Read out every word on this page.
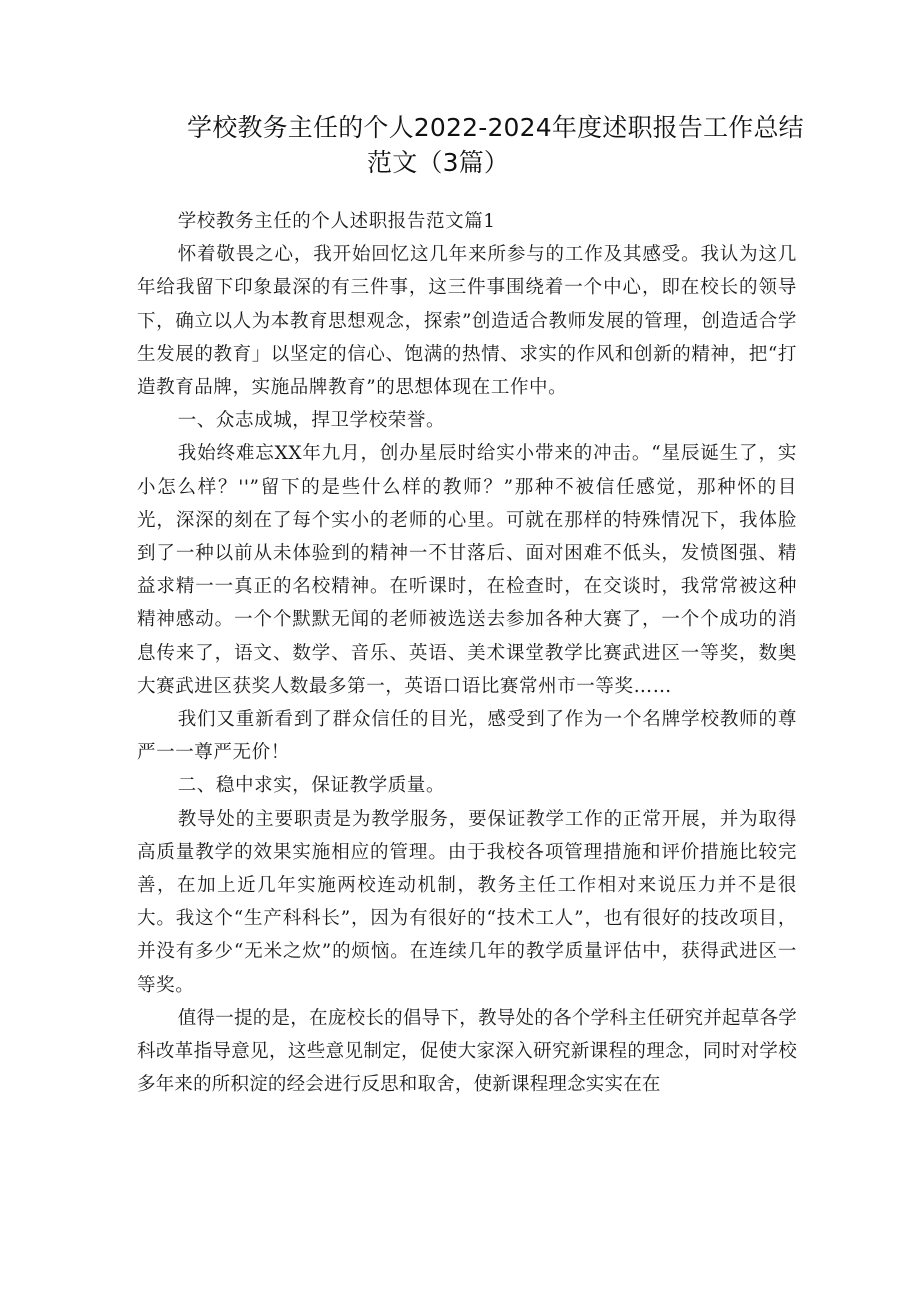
学校教务主任的个人2022-2024年度述职报告工作总结
范文（3篇）

学校教务主任的个人述职报告范文篇1

怀着敬畏之心，我开始回忆这几年来所参与的工作及其感受。我认为这几年给我留下印象最深的有三件事，这三件事围绕着一个中心，即在校长的领导下，确立以人为本教育思想观念，探索”创造适合教师发展的管理，创造适合学生发展的教育」以坚定的信心、饱满的热情、求实的作风和创新的精神，把“打造教育品牌，实施品牌教育”的思想体现在工作中。

一、众志成城，捍卫学校荣誉。

我始终难忘XX年九月，创办星辰时给实小带来的冲击。“星辰诞生了，实小怎么样？''”留下的是些什么样的教师？”那种不被信任感觉，那种怀的目光，深深的刻在了每个实小的老师的心里。可就在那样的特殊情况下，我体脸到了一种以前从未体验到的精神一不甘落后、面对困难不低头，发愤图强、精益求精一一真正的名校精神。在听课时，在检查时，在交谈时，我常常被这种精神感动。一个个默默无闻的老师被选送去参加各种大赛了，一个个成功的消息传来了，语文、数学、音乐、英语、美术课堂教学比赛武进区一等奖，数奥大赛武进区获奖人数最多第一，英语口语比赛常州市一等奖……

我们又重新看到了群众信任的目光，感受到了作为一个名牌学校教师的尊严一一尊严无价！

二、稳中求实，保证教学质量。

教导处的主要职责是为教学服务，要保证教学工作的正常开展，并为取得高质量教学的效果实施相应的管理。由于我校各项管理措施和评价措施比较完善，在加上近几年实施两校连动机制，教务主任工作相对来说压力并不是很大。我这个“生产科科长”，因为有很好的“技术工人”，也有很好的技改项目，并没有多少“无米之炊”的烦恼。在连续几年的教学质量评估中，获得武进区一等奖。

值得一提的是，在庞校长的倡导下，教导处的各个学科主任研究并起草各学科改革指导意见，这些意见制定，促使大家深入研究新课程的理念，同时对学校多年来的所积淀的经会进行反思和取舍，使新课程理念实实在在
